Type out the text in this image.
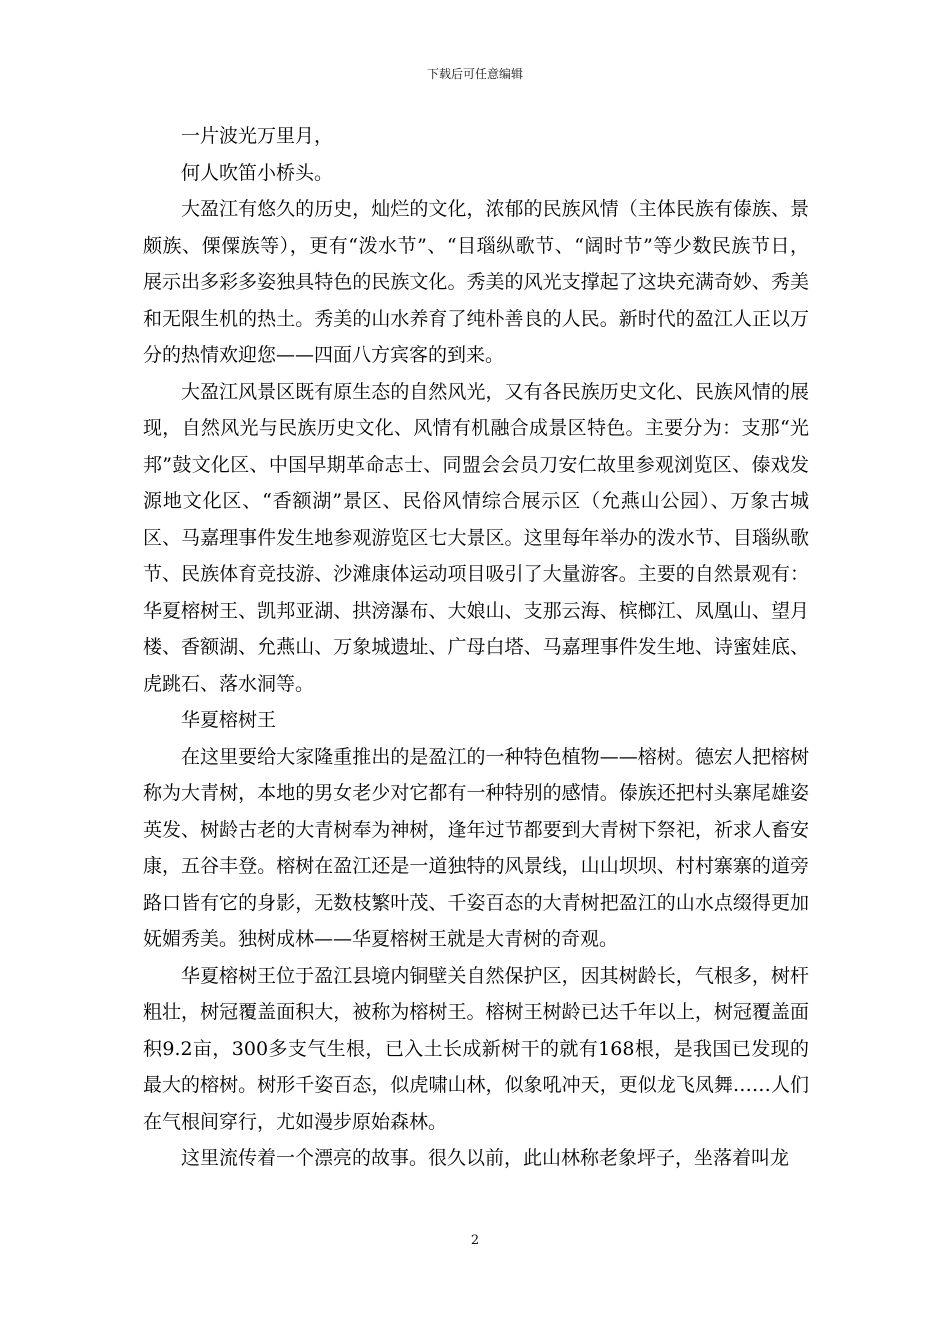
下载后可任意编辑

一片波光万里月，

何人吹笛小桥头。

大盈江有悠久的历史，灿烂的文化，浓郁的民族风情（主体民族有傣族、景颇族、傈僳族等），更有“泼水节”、“目瑙纵歌节、“阔时节”等少数民族节日，展示出多彩多姿独具特色的民族文化。秀美的风光支撑起了这块充满奇妙、秀美和无限生机的热土。秀美的山水养育了纯朴善良的人民。新时代的盈江人正以万分的热情欢迎您——四面八方宾客的到来。

大盈江风景区既有原生态的自然风光，又有各民族历史文化、民族风情的展现，自然风光与民族历史文化、风情有机融合成景区特色。主要分为：支那“光邦”鼓文化区、中国早期革命志士、同盟会会员刀安仁故里参观浏览区、傣戏发源地文化区、“香额湖”景区、民俗风情综合展示区（允燕山公园）、万象古城区、马嘉理事件发生地参观游览区七大景区。这里每年举办的泼水节、目瑙纵歌节、民族体育竞技游、沙滩康体运动项目吸引了大量游客。主要的自然景观有：华夏榕树王、凯邦亚湖、拱滂瀑布、大娘山、支那云海、槟榔江、凤凰山、望月楼、香额湖、允燕山、万象城遗址、广母白塔、马嘉理事件发生地、诗蜜娃底、虎跳石、落水洞等。

华夏榕树王

在这里要给大家隆重推出的是盈江的一种特色植物——榕树。德宏人把榕树称为大青树，本地的男女老少对它都有一种特别的感情。傣族还把村头寨尾雄姿英发、树龄古老的大青树奉为神树，逢年过节都要到大青树下祭祀，祈求人畜安康，五谷丰登。榕树在盈江还是一道独特的风景线，山山坝坝、村村寨寨的道旁路口皆有它的身影，无数枝繁叶茂、千姿百态的大青树把盈江的山水点缀得更加妩媚秀美。独树成林——华夏榕树王就是大青树的奇观。

华夏榕树王位于盈江县境内铜壁关自然保护区，因其树龄长，气根多，树杆粗壮，树冠覆盖面积大，被称为榕树王。榕树王树龄已达千年以上，树冠覆盖面积9.2亩，300多支气生根，已入土长成新树干的就有168根，是我国已发现的最大的榕树。树形千姿百态，似虎啸山林，似象吼冲天，更似龙飞凤舞……人们在气根间穿行，尤如漫步原始森林。

这里流传着一个漂亮的故事。很久以前，此山林称老象坪子，坐落着叫龙

2
